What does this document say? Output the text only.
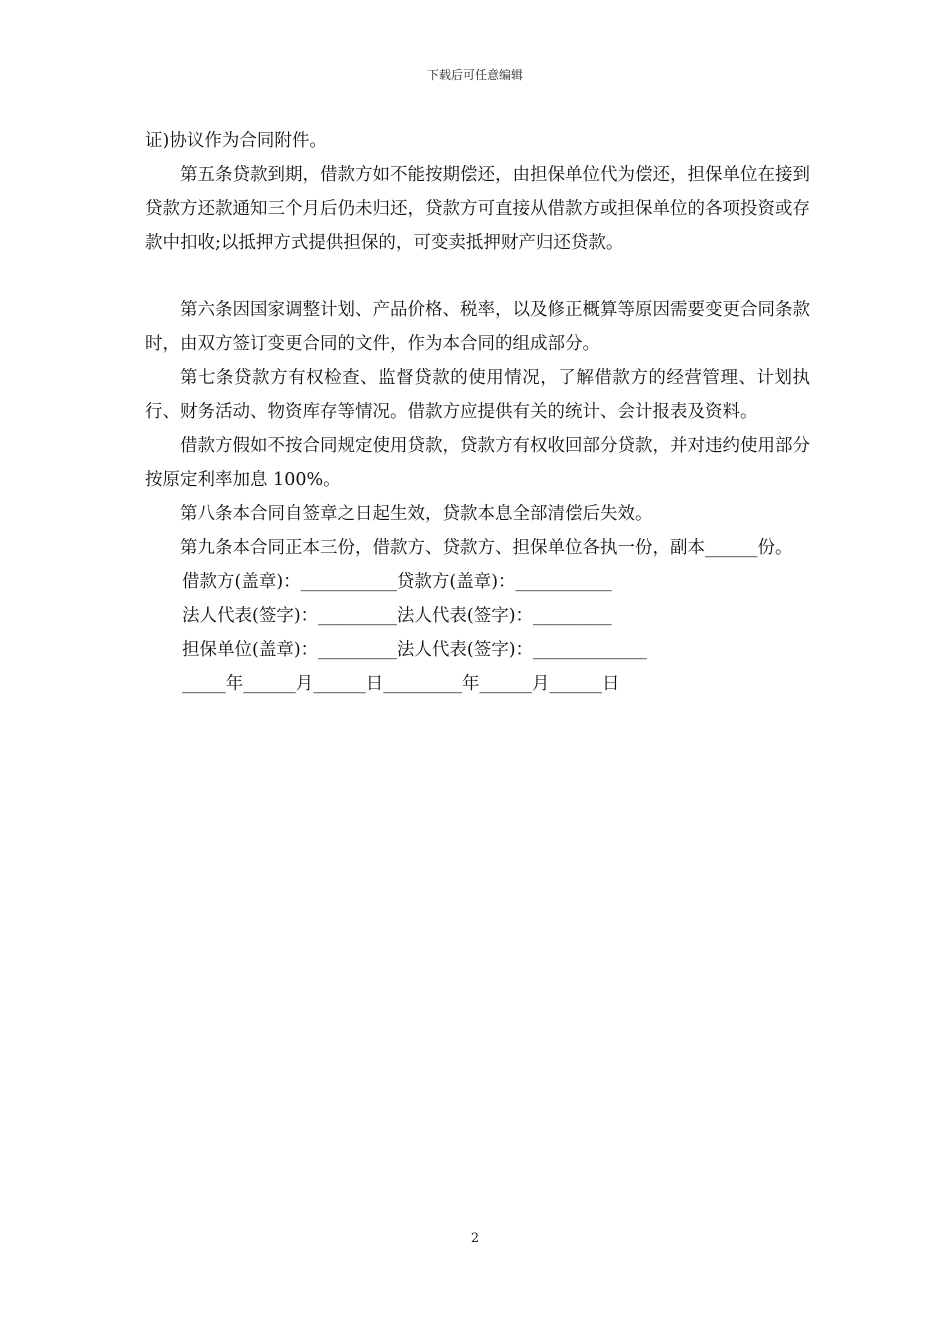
下载后可任意编辑

证)协议作为合同附件。

第五条贷款到期，借款方如不能按期偿还，由担保单位代为偿还，担保单位在接到贷款方还款通知三个月后仍未归还，贷款方可直接从借款方或担保单位的各项投资或存款中扣收;以抵押方式提供担保的，可变卖抵押财产归还贷款。

第六条因国家调整计划、产品价格、税率，以及修正概算等原因需要变更合同条款时，由双方签订变更合同的文件，作为本合同的组成部分。

第七条贷款方有权检查、监督贷款的使用情况，了解借款方的经营管理、计划执行、财务活动、物资库存等情况。借款方应提供有关的统计、会计报表及资料。

借款方假如不按合同规定使用贷款，贷款方有权收回部分贷款，并对违约使用部分按原定利率加息 100%。

第八条本合同自签章之日起生效，贷款本息全部清偿后失效。

第九条本合同正本三份，借款方、贷款方、担保单位各执一份，副本______份。

借款方(盖章)：___________贷款方(盖章)：___________

法人代表(签字)：_________法人代表(签字)：_________

担保单位(盖章)：_________法人代表(签字)：_____________

_____年______月______日_________年______月______日

2
